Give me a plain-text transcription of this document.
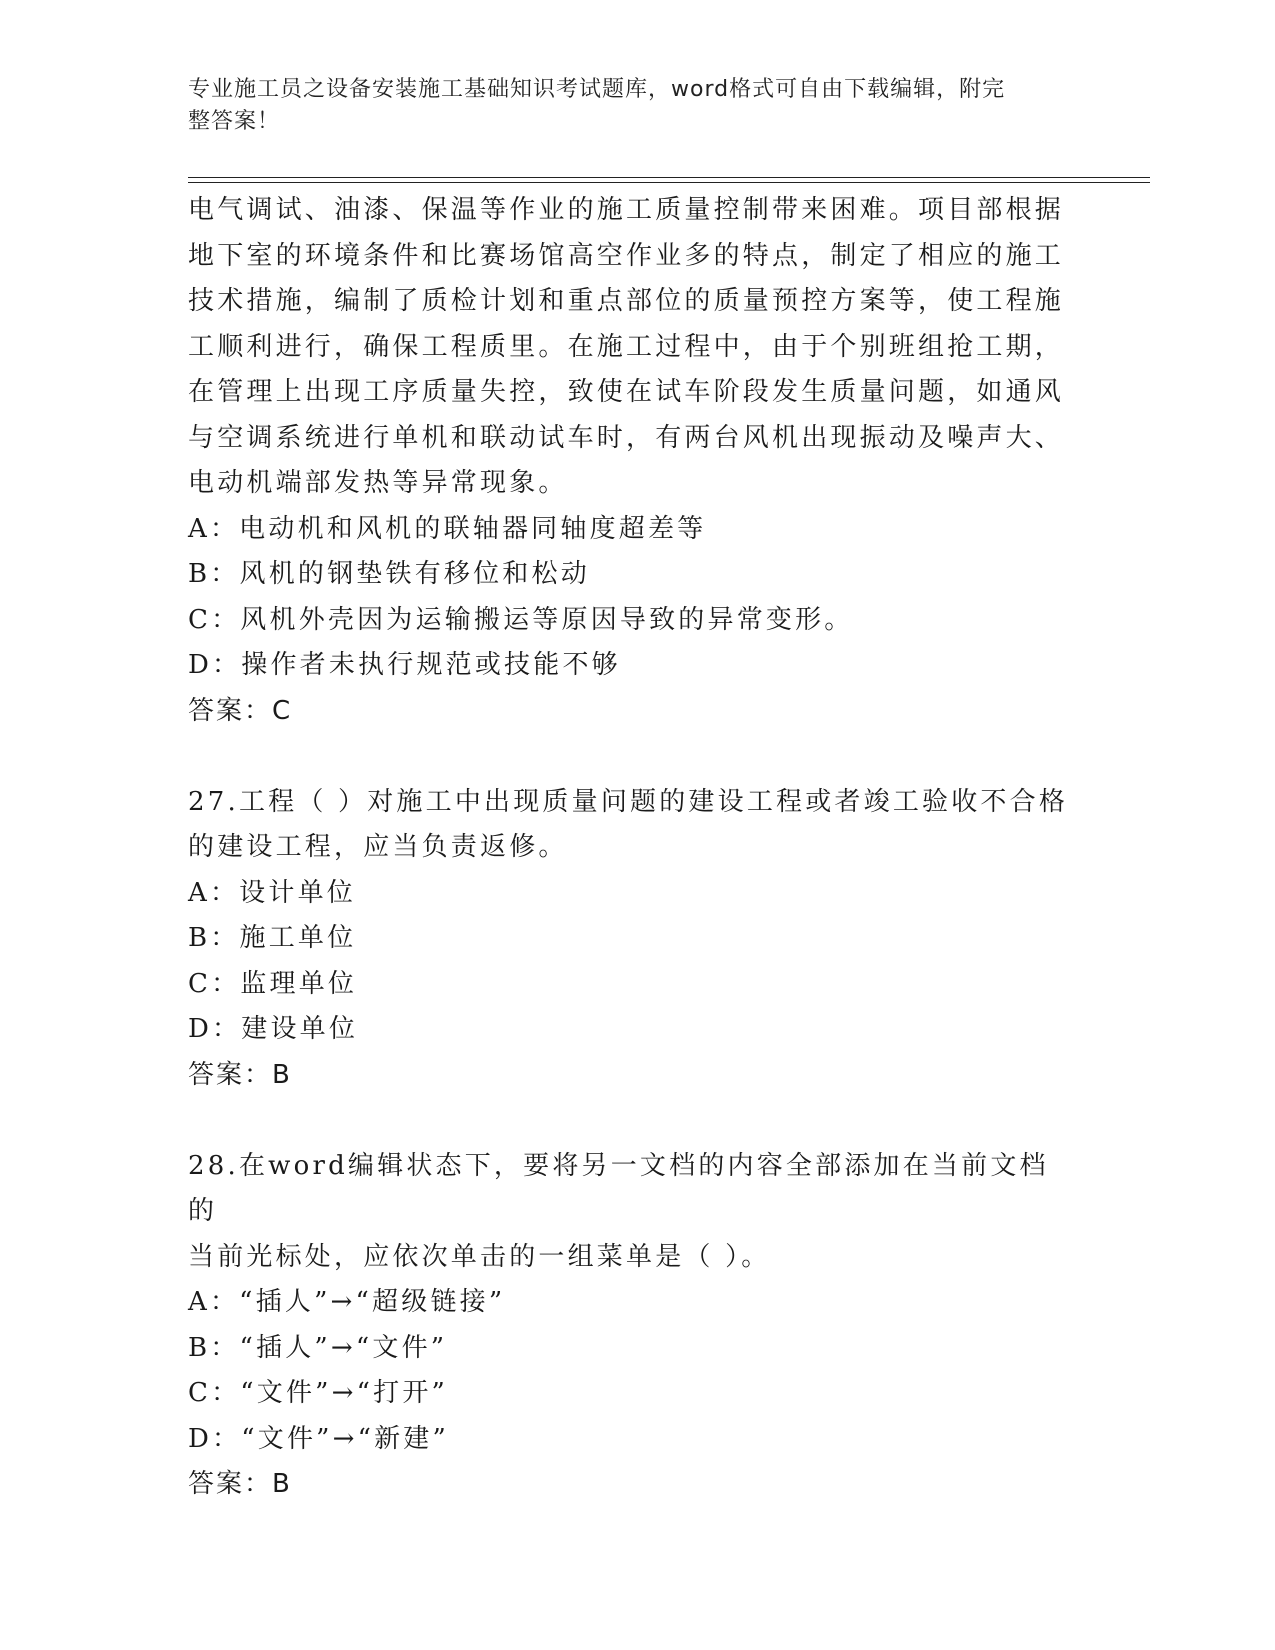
专业施工员之设备安装施工基础知识考试题库，word格式可自由下载编辑，附完
整答案！

电气调试、油漆、保温等作业的施工质量控制带来困难。项目部根据

地下室的环境条件和比赛场馆高空作业多的特点，制定了相应的施工

技术措施，编制了质检计划和重点部位的质量预控方案等，使工程施

工顺利进行，确保工程质里。在施工过程中，由于个别班组抢工期，

在管理上出现工序质量失控，致使在试车阶段发生质量问题，如通风

与空调系统进行单机和联动试车时，有两台风机出现振动及噪声大、

电动机端部发热等异常现象。

A：电动机和风机的联轴器同轴度超差等

B：风机的钢垫铁有移位和松动

C：风机外壳因为运输搬运等原因导致的异常变形。

D：操作者未执行规范或技能不够

答案：C

27.工程（ ）对施工中出现质量问题的建设工程或者竣工验收不合格

的建设工程，应当负责返修。

A：设计单位

B：施工单位

C：监理单位

D：建设单位

答案：B

28.在word编辑状态下，要将另一文档的内容全部添加在当前文档的

当前光标处，应依次单击的一组菜单是（ ）。

A：“插人”→“超级链接”

B：“插人”→“文件”

C：“文件”→“打开”

D：“文件”→“新建”

答案：B
